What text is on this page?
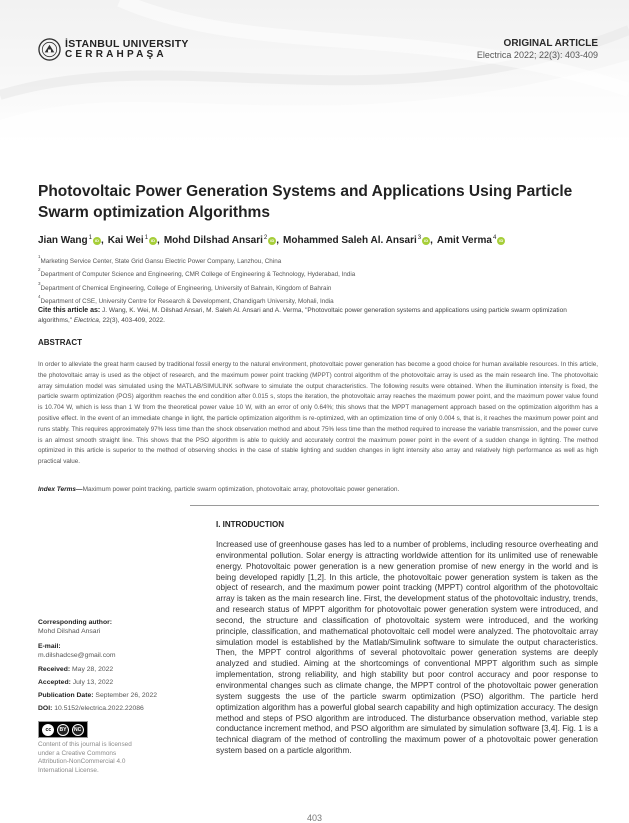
İSTANBUL UNIVERSITY
CERRAHPAŞA
ORIGINAL ARTICLE
Electrica 2022; 22(3): 403-409
Photovoltaic Power Generation Systems and Applications Using Particle Swarm optimization Algorithms
Jian Wang$^1$ iD , Kai Wei$^1$ iD , Mohd Dilshad Ansari$^2$ iD , Mohammed Saleh Al. Ansari$^3$ iD , Amit Verma$^4$
iD
$^1$Marketing Service Center, State Grid Gansu Electric Power Company, Lanzhou, China
$^2$Department of Computer Science and Engineering, CMR College of Engineering & Technology, Hyderabad, India
$^3$Department of Chemical Engineering, College of Engineering, University of Bahrain, Kingdom of Bahrain
$^4$Department of CSE, University Centre for Research & Development, Chandigarh University, Mohali, India
Cite this article as: J. Wang, K. Wei, M. Dilshad Ansari, M. Saleh Al. Ansari and A. Verma, "Photovoltaic power generation systems and applications using particle swarm optimization algorithms," Electrica, 22(3), 403-409, 2022.
ABSTRACT

In order to alleviate the great harm caused by traditional fossil energy to the natural environment, photovoltaic power generation has become a good choice for human available resources. In this article, the photovoltaic array is used as the object of research, and the maximum power point tracking (MPPT) control algorithm of the photovoltaic array is used as the main research line. The photovoltaic array simulation model was simulated using the MATLAB/SIMULINK software to simulate the output characteristics. The following results were obtained. When the illumination intensity is fixed, the particle swarm optimization (POS) algorithm reaches the end condition after 0.015 s, stops the iteration, the photovoltaic array reaches the maximum power point, and the maximum power value found is 10.704 W, which is less than 1 W from the theoretical power value 10 W, with an error of only 0.64%; this shows that the MPPT management approach based on the optimization algorithm has a positive effect. In the event of an immediate change in light, the particle optimization algorithm is re-optimized, with an optimization time of only 0.004 s, that is, it reaches the maximum power point and runs stably. This requires approximately 97% less time than the shock observation method and about 75% less time than the method required to increase the variable transmission, and the power curve is an almost smooth straight line. This shows that the PSO algorithm is able to quickly and accurately control the maximum power point in the event of a sudden change in lighting. The method optimized in this article is superior to the method of observing shocks in the case of stable lighting and sudden changes in light intensity also array and relatively high performance as well as high practical value.

Index Terms—Maximum power point tracking, particle swarm optimization, photovoltaic array, photovoltaic power generation.
Corresponding author:
Mohd Dilshad Ansari
E-mail:
m.dilshadcse@gmail.com
Received: May 28, 2022
Accepted: July 13, 2022
Publication Date: September 26, 2022
DOI: 10.5152/electrica.2022.22086
cc	BY	NC
Content of this journal is licensed under a Creative Commons Attribution-NonCommercial 4.0 International License.
I. INTRODUCTION

Increased use of greenhouse gases has led to a number of problems, including resource overheating and environmental pollution. Solar energy is attracting worldwide attention for its unlimited use of renewable energy. Photovoltaic power generation is a new generation promise of new energy in the world and is being developed rapidly [1,2]. In this article, the photovoltaic power generation system is taken as the object of research, and the maximum power point tracking (MPPT) control algorithm of the photovoltaic array is taken as the main research line. First, the development status of the photovoltaic industry, trends, and research status of MPPT algorithm for photovoltaic power generation system were introduced, and second, the structure and classification of photovoltaic system were introduced, and the working principle, classification, and mathematical photovoltaic cell model were analyzed. The photovoltaic array simulation model is established by the Matlab/Simulink software to simulate the output characteristics. Then, the MPPT control algorithms of several photovoltaic power generation systems are deeply analyzed and studied. Aiming at the shortcomings of conventional MPPT algorithm such as simple implementation, strong reliability, and high stability but poor control accuracy and poor response to environmental changes such as climate change, the MPPT control of the photovoltaic power generation system suggests the use of the particle swarm optimization (PSO) algorithm. The particle herd optimization algorithm has a powerful global search capability and high optimization accuracy. The design method and steps of PSO algorithm are introduced. The disturbance observation method, variable step conductance increment method, and PSO algorithm are simulated by simulation software [3,4]. Fig. 1 is a technical diagram of the method of controlling the maximum power of a photovoltaic power generation system based on a particle algorithm.

403
